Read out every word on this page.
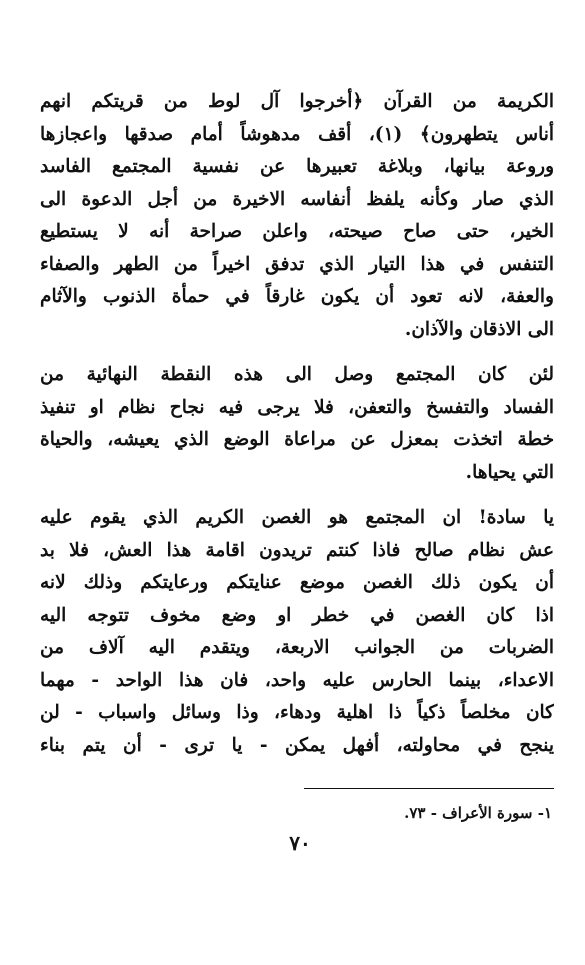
الكريمة من القرآن ﴿أخرجوا آل لوط من قريتكم انهم
أناس يتطهرون﴾ (١)، أقف مدهوشاً أمام صدقها واعجازها
وروعة بيانها، وبلاغة تعبيرها عن نفسية المجتمع الفاسد
الذي صار وكأنه يلفظ أنفاسه الاخيرة من أجل الدعوة الى
الخير، حتى صاح صيحته، واعلن صراحة أنه لا يستطيع
التنفس في هذا التيار الذي تدفق اخيراً من الطهر والصفاء
والعفة، لانه تعود أن يكون غارقاً في حمأة الذنوب والآثام
الى الاذقان والآذان.

لئن كان المجتمع وصل الى هذه النقطة النهائية من
الفساد والتفسخ والتعفن، فلا يرجى فيه نجاح نظام او تنفيذ
خطة اتخذت بمعزل عن مراعاة الوضع الذي يعيشه، والحياة
التي يحياها.

يا سادة! ان المجتمع هو الغصن الكريم الذي يقوم عليه
عش نظام صالح فاذا كنتم تريدون اقامة هذا العش، فلا بد
أن يكون ذلك الغصن موضع عنايتكم ورعايتكم وذلك لانه
اذا كان الغصن في خطر او وضع مخوف تتوجه اليه
الضربات من الجوانب الاربعة، ويتقدم اليه آلاف من
الاعداء، بينما الحارس عليه واحد، فان هذا الواحد - مهما
كان مخلصاً ذكياً ذا اهلية ودهاء، وذا وسائل واسباب - لن
ينجح في محاولته، أفهل يمكن - يا ترى - أن يتم بناء

١- سورة الأعراف - ٧٣.
٧٠
